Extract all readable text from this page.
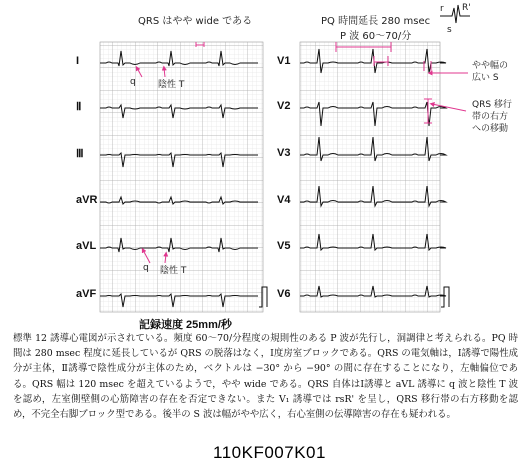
r R'
s
QRS はやや wide である	PQ 時間延長 280 msec
P 波 60～70/分
q 陰性 T
q 陰性 T
やや幅の
広い S
QRS 移行
帯の右方
への移動
I
Ⅱ
Ⅲ
aVR
aVL
aVF
V1
V2
V3
V4
V5
V6
記録速度 25mm/秒
標準 12 誘導心電図が示されている。頻度 60～70/分程度の規則性のある P 波が先行し，洞調律と考えられる。PQ 時間は 280 msec 程度に延長しているが QRS の脱落はなく，Ⅰ度房室ブロックである。QRS の電気軸は，Ⅰ誘導で陽性成分が主体，Ⅱ誘導で陰性成分が主体のため，ベクトルは −30° から −90° の間に存在することになり，左軸偏位である。QRS 幅は 120 msec を超えているようで，やや wide である。QRS 自体はⅠ誘導と aVL 誘導に q 波と陰性 T 波を認め，左室側壁側の心筋障害の存在を否定できない。また V₁ 誘導では rsR' を呈し，QRS 移行帯の右方移動を認め，不完全右脚ブロック型である。後半の S 波は幅がやや広く，右心室側の伝導障害の存在も疑われる。
110KF007K01
